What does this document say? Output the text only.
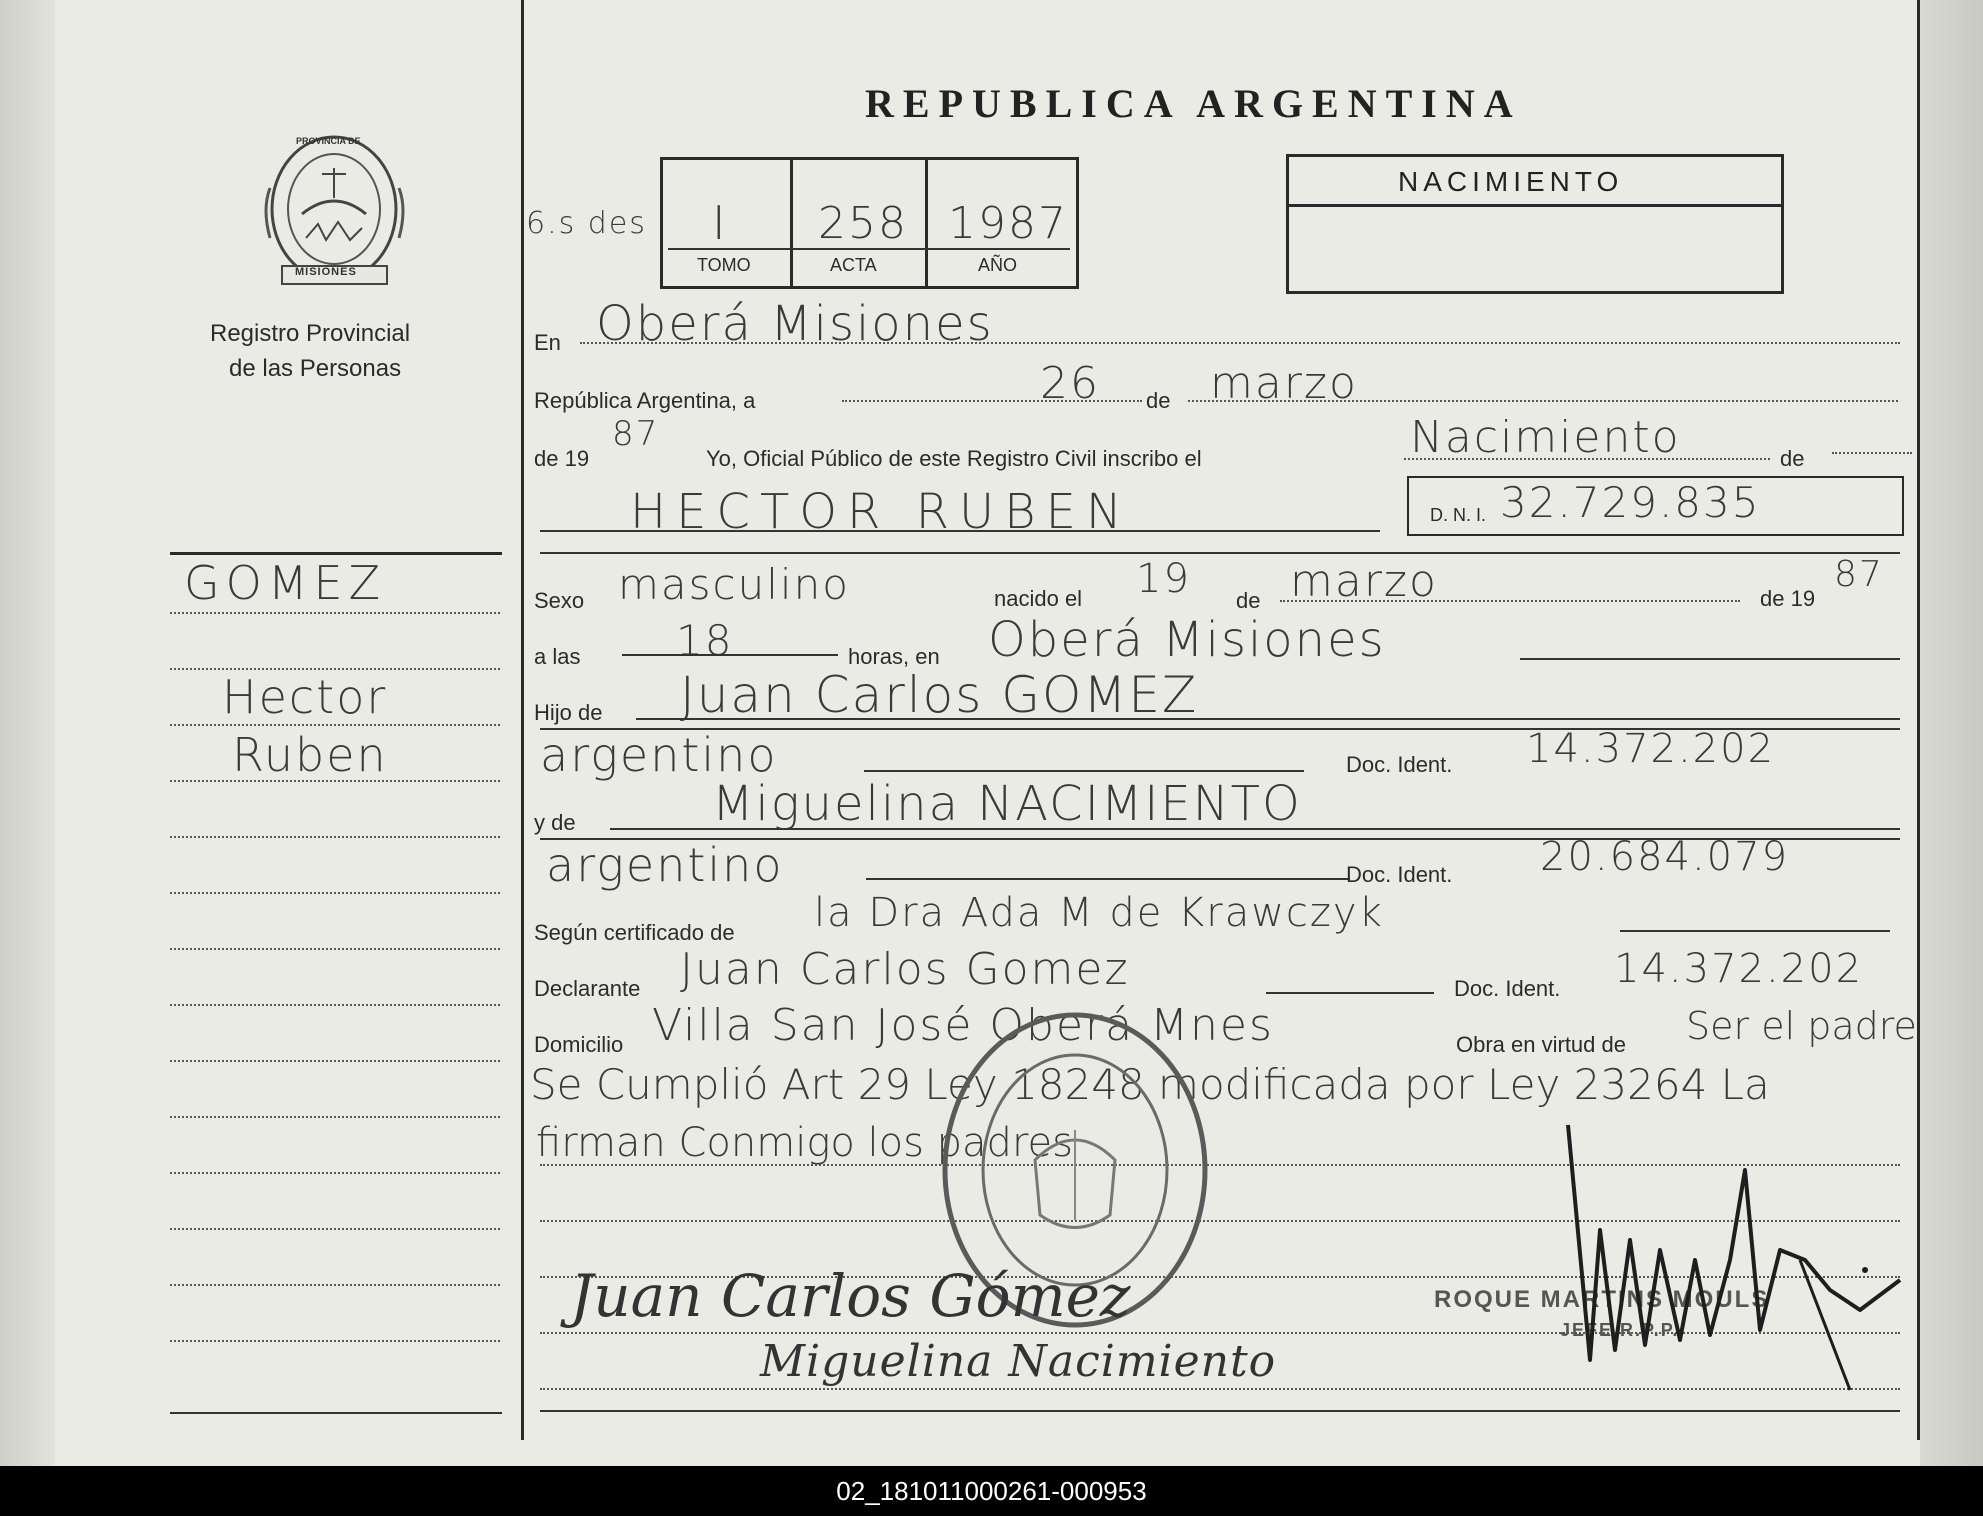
MISIONES
PROVINCIA DE
Registro Provincial
de las Personas
REPUBLICA ARGENTINA
6.s des I 258 1987
TOMO	ACTA	AÑO
NACIMIENTO
GOMEZ
Hector
Ruben
En Oberá Misiones
República Argentina, a	26 de marzo
de 19
87
Yo, Oficial Público de este Registro Civil inscribo el	Nacimiento	de
HECTOR RUBEN	D. N. I. 32.729.835
Sexo masculino	nacido el 19 de marzo	de 19
87
a las 18	horas, en Oberá Misiones
Hijo de Juan Carlos GOMEZ
argentino	Doc. Ident. 14.372.202
y de	Miguelina NACIMIENTO
argentino	Doc. Ident. 20.684.079
Según certificado de la Dra Ada M de Krawczyk
Declarante Juan Carlos Gomez	Doc. Ident. 14.372.202
Domicilio Villa San José Oberá Mnes	Obra en virtud de Ser el padre
Se Cumplió Art 29 Ley 18248 modificada por Ley 23264 La
firman Conmigo los padres
Juan Carlos Gómez
Miguelina Nacimiento
ROQUE MARTINS MOULS
JEFE R.P.P.
02_181011000261-000953
